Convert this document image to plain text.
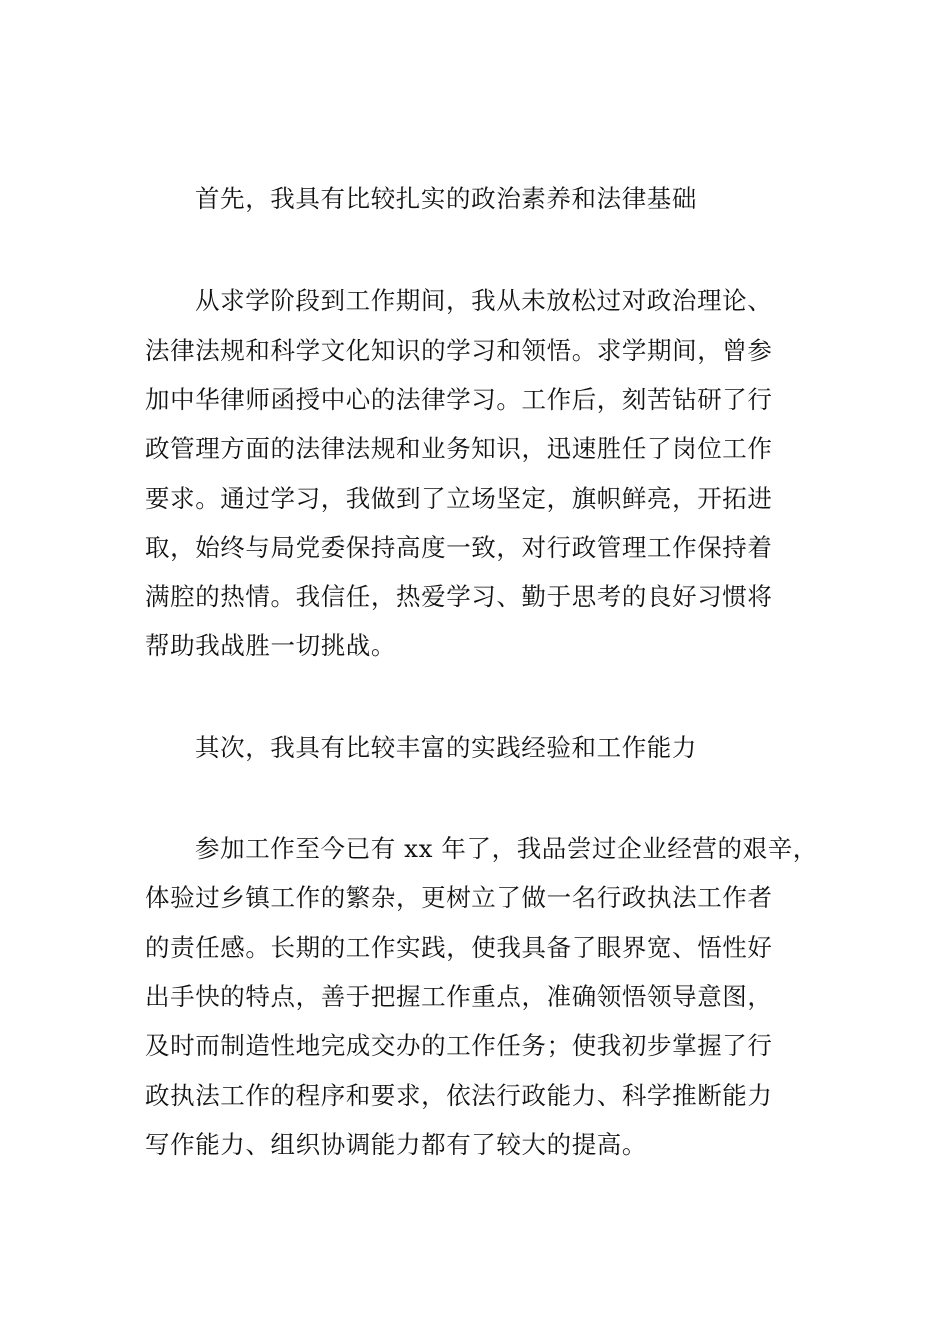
首先，我具有比较扎实的政治素养和法律基础
从求学阶段到工作期间，我从未放松过对政治理论、
法律法规和科学文化知识的学习和领悟。求学期间，曾参
加中华律师函授中心的法律学习。工作后，刻苦钻研了行
政管理方面的法律法规和业务知识，迅速胜任了岗位工作
要求。通过学习，我做到了立场坚定，旗帜鲜亮，开拓进
取，始终与局党委保持高度一致，对行政管理工作保持着
满腔的热情。我信任，热爱学习、勤于思考的良好习惯将
帮助我战胜一切挑战。
其次，我具有比较丰富的实践经验和工作能力
参加工作至今已有 xx 年了，我品尝过企业经营的艰辛，
体验过乡镇工作的繁杂，更树立了做一名行政执法工作者
的责任感。长期的工作实践，使我具备了眼界宽、悟性好
出手快的特点，善于把握工作重点，准确领悟领导意图，
及时而制造性地完成交办的工作任务；使我初步掌握了行
政执法工作的程序和要求，依法行政能力、科学推断能力
写作能力、组织协调能力都有了较大的提高。
